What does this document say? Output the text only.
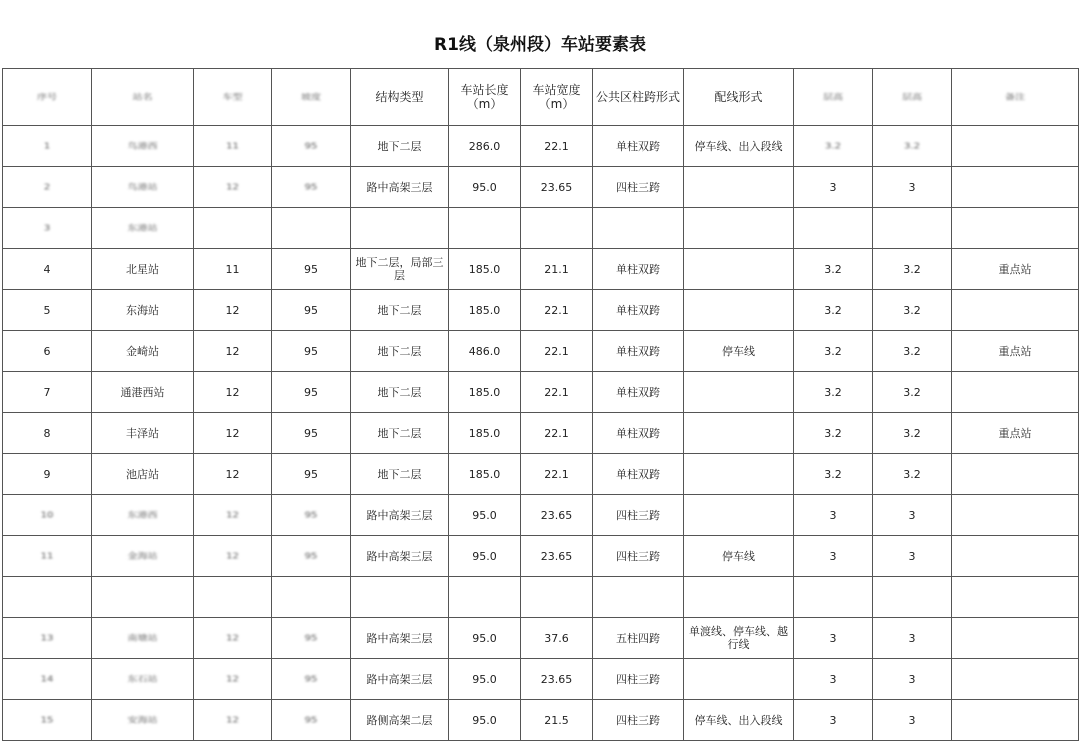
R1线（泉州段）车站要素表
序号	站名	车型	坡度	结构类型	车站长度（m）	车站宽度（m）	公共区柱跨形式	配线形式	层高	层高	备注
1	鸟港西	11	95	地下二层	286.0	22.1	单柱双跨	停车线、出入段线	3.2	3.2	
2	鸟港站	12	95	路中高架三层	95.0	23.65	四柱三跨		3	3	
3	东港站										
4	北星站	11	95	地下二层，局部三层	185.0	21.1	单柱双跨		3.2	3.2	重点站
5	东海站	12	95	地下二层	185.0	22.1	单柱双跨		3.2	3.2	
6	金崎站	12	95	地下二层	486.0	22.1	单柱双跨	停车线	3.2	3.2	重点站
7	通港西站	12	95	地下二层	185.0	22.1	单柱双跨		3.2	3.2	
8	丰泽站	12	95	地下二层	185.0	22.1	单柱双跨		3.2	3.2	重点站
9	池店站	12	95	地下二层	185.0	22.1	单柱双跨		3.2	3.2	
10	东港西	12	95	路中高架三层	95.0	23.65	四柱三跨		3	3	
11	金海站	12	95	路中高架三层	95.0	23.65	四柱三跨	停车线	3	3	

13	南塘站	12	95	路中高架三层	95.0	37.6	五柱四跨	单渡线、停车线、越行线	3	3	
14	东石站	12	95	路中高架三层	95.0	23.65	四柱三跨		3	3	
15	安海站	12	95	路侧高架二层	95.0	21.5	四柱三跨	停车线、出入段线	3	3	
